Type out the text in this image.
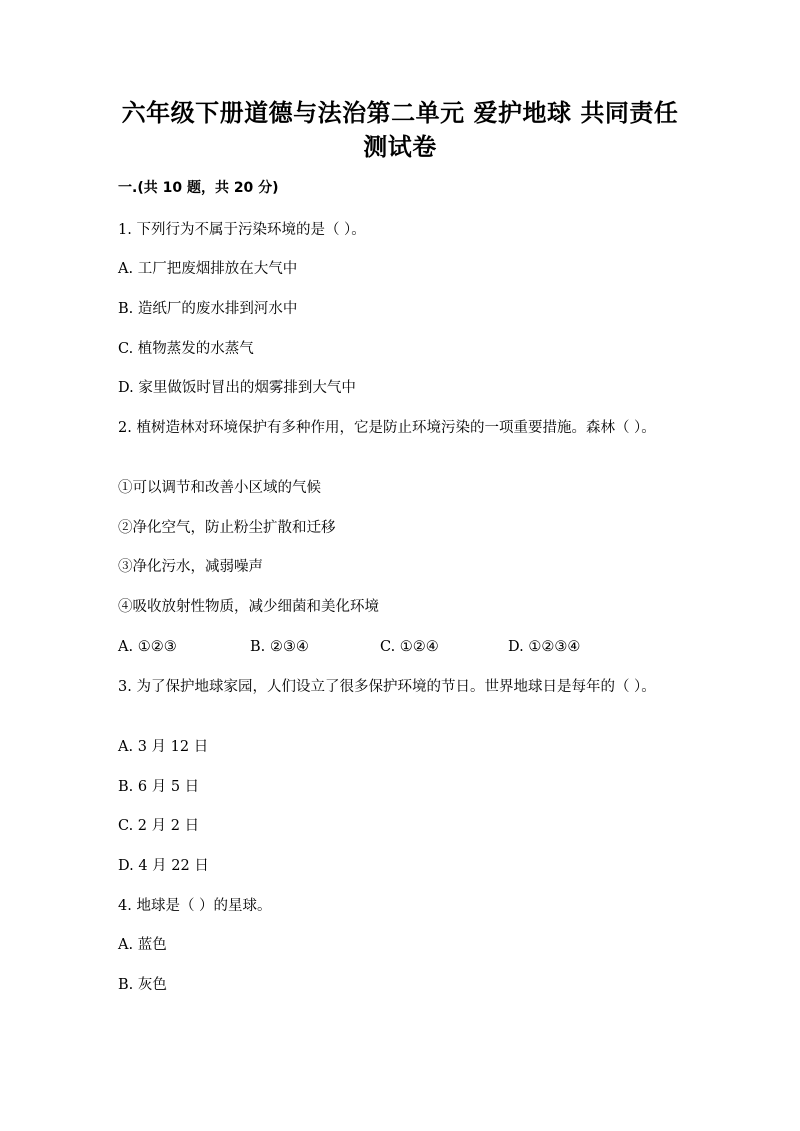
六年级下册道德与法治第二单元 爱护地球 共同责任 测试卷
一.(共 10 题，共 20 分)
1. 下列行为不属于污染环境的是（ ）。
A. 工厂把废烟排放在大气中
B. 造纸厂的废水排到河水中
C. 植物蒸发的水蒸气
D. 家里做饭时冒出的烟雾排到大气中
2. 植树造林对环境保护有多种作用，它是防止环境污染的一项重要措施。森林（ ）。
①可以调节和改善小区域的气候
②净化空气，防止粉尘扩散和迁移
③净化污水，减弱噪声
④吸收放射性物质，减少细菌和美化环境
A. ①②③	B. ②③④	C. ①②④	D. ①②③④
3. 为了保护地球家园，人们设立了很多保护环境的节日。世界地球日是每年的（ ）。
A. 3 月 12 日
B. 6 月 5 日
C. 2 月 2 日
D. 4 月 22 日
4. 地球是（ ）的星球。
A. 蓝色
B. 灰色
